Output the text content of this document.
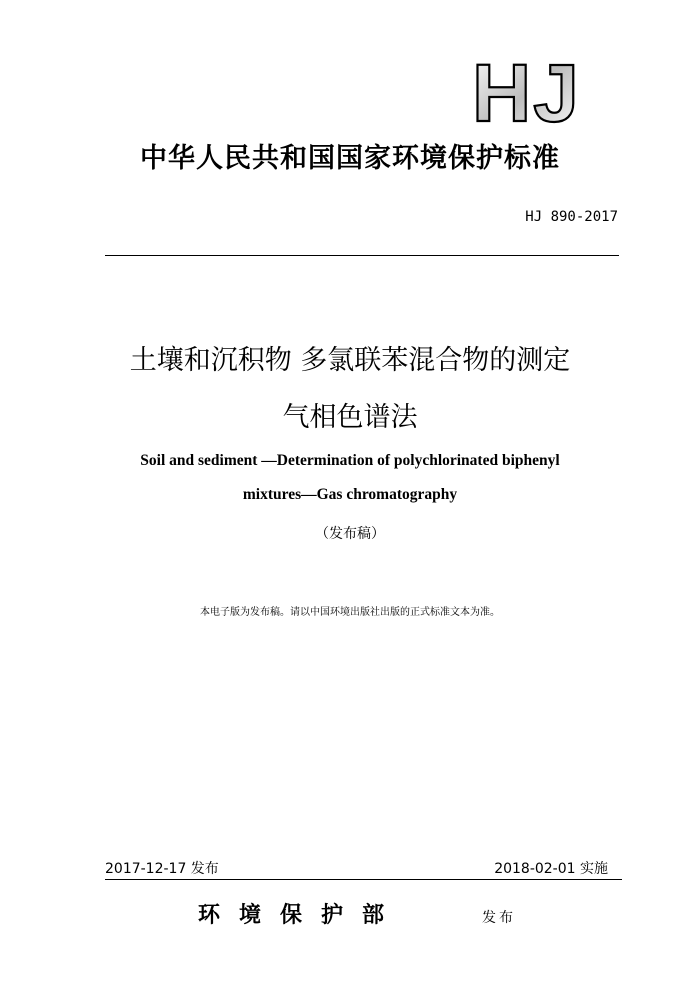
HJ
中华人民共和国国家环境保护标准
HJ 890-2017
土壤和沉积物 多氯联苯混合物的测定
气相色谱法
Soil and sediment —Determination of polychlorinated biphenyl
mixtures—Gas chromatography
（发布稿）
本电子版为发布稿。请以中国环境出版社出版的正式标准文本为准。
2017-12-17 发布	2018-02-01 实施
环境保护部	发布
